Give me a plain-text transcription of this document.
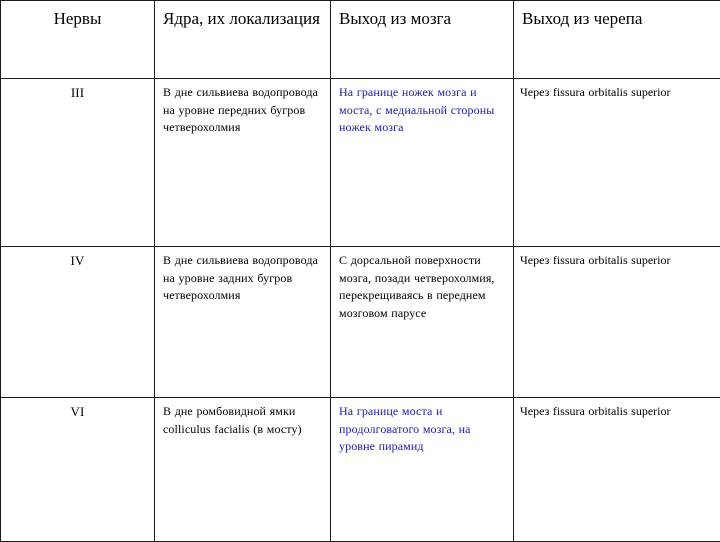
Нервы	Ядра, их локализация	Выход из мозга	Выход из черепа
III	В дне сильвиева водопровода на уровне передних бугров четверохолмия	На границе ножек мозга и моста, с медиальной стороны ножек мозга	Через fissura orbitalis superior
IV	В дне сильвиева водопровода на уровне задних бугров четверохолмия	С дорсальной поверхности мозга, позади четверохолмия, перекрещиваясь в переднем мозговом парусе	Через fissura orbitalis superior
VI	В дне ромбовидной ямки colliculus facialis (в мосту)	На границе моста и продолговатого мозга, на уровне пирамид	Через fissura orbitalis superior
